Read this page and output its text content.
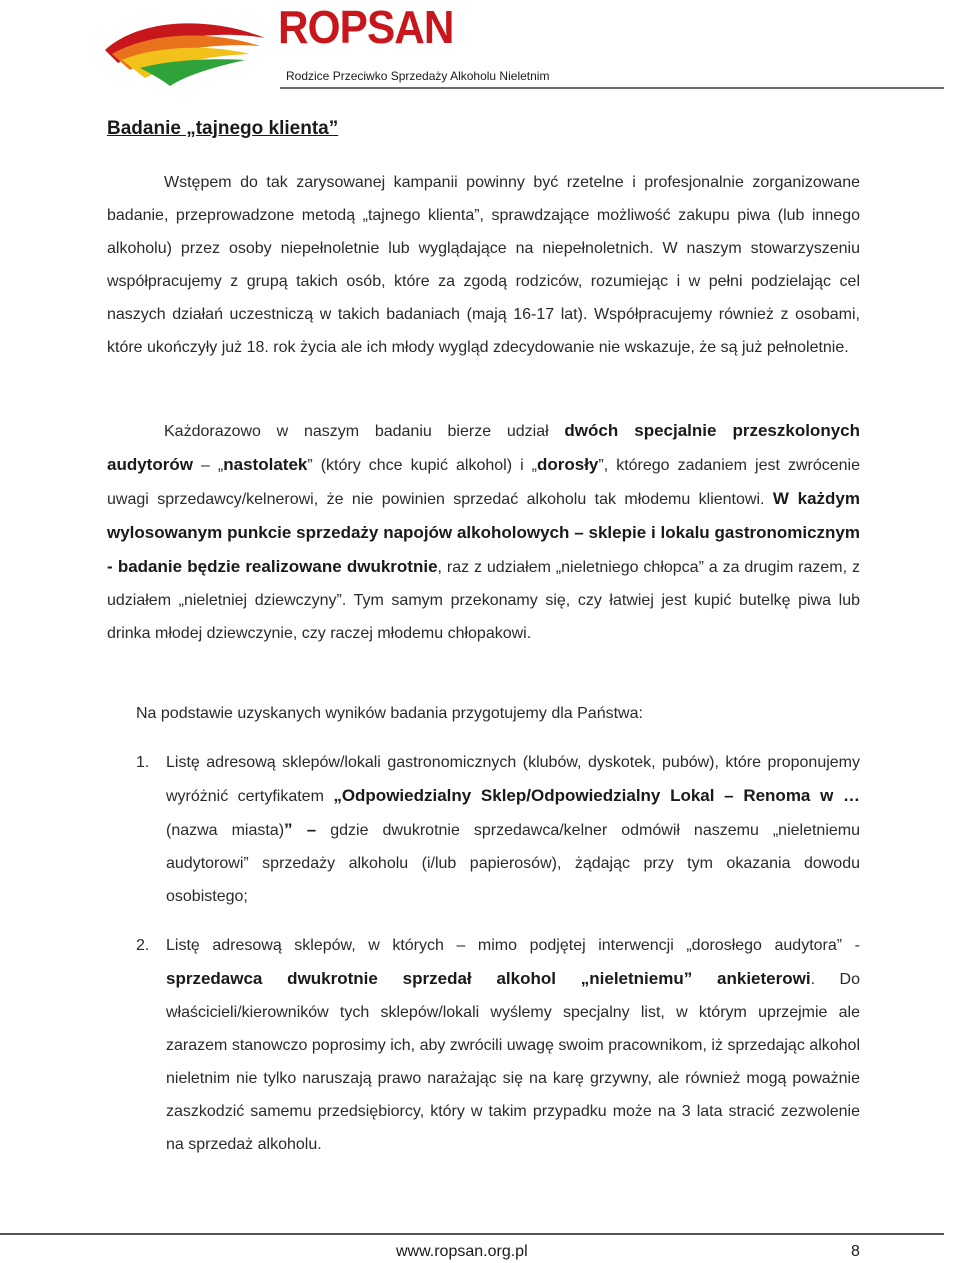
ROPSAN
Rodzice Przeciwko Sprzedaży Alkoholu Nieletnim
Badanie „tajnego klienta”

Wstępem do tak zarysowanej kampanii powinny być rzetelne i profesjonalnie zorganizowane badanie, przeprowadzone metodą „tajnego klienta”, sprawdzające możliwość zakupu piwa (lub innego alkoholu) przez osoby niepełnoletnie lub wyglądające na niepełnoletnich. W naszym stowarzyszeniu współpracujemy z grupą takich osób, które za zgodą rodziców, rozumiejąc i w pełni podzielając cel naszych działań uczestniczą w takich badaniach (mają 16-17 lat). Współpracujemy również z osobami, które ukończyły już 18. rok życia ale ich młody wygląd zdecydowanie nie wskazuje, że są już pełnoletnie.

Każdorazowo w naszym badaniu bierze udział dwóch specjalnie przeszkolonych audytorów – „nastolatek” (który chce kupić alkohol) i „dorosły”, którego zadaniem jest zwrócenie uwagi sprzedawcy/kelnerowi, że nie powinien sprzedać alkoholu tak młodemu klientowi. W każdym wylosowanym punkcie sprzedaży napojów alkoholowych – sklepie i lokalu gastronomicznym - badanie będzie realizowane dwukrotnie, raz z udziałem „nieletniego chłopca” a za drugim razem, z udziałem „nieletniej dziewczyny”. Tym samym przekonamy się, czy łatwiej jest kupić butelkę piwa lub drinka młodej dziewczynie, czy raczej młodemu chłopakowi.

Na podstawie uzyskanych wyników badania przygotujemy dla Państwa:

1. Listę adresową sklepów/lokali gastronomicznych (klubów, dyskotek, pubów), które proponujemy wyróżnić certyfikatem „Odpowiedzialny Sklep/Odpowiedzialny Lokal – Renoma w … (nazwa miasta)” – gdzie dwukrotnie sprzedawca/kelner odmówił naszemu „nieletniemu audytorowi” sprzedaży alkoholu (i/lub papierosów), żądając przy tym okazania dowodu osobistego;
2. Listę adresową sklepów, w których – mimo podjętej interwencji „dorosłego audytora” - sprzedawca dwukrotnie sprzedał alkohol „nieletniemu” ankieterowi. Do właścicieli/kierowników tych sklepów/lokali wyślemy specjalny list, w którym uprzejmie ale zarazem stanowczo poprosimy ich, aby zwrócili uwagę swoim pracownikom, iż sprzedając alkohol nieletnim nie tylko naruszają prawo narażając się na karę grzywny, ale również mogą poważnie zaszkodzić samemu przedsiębiorcy, który w takim przypadku może na 3 lata stracić zezwolenie na sprzedaż alkoholu.
www.ropsan.org.pl	8
